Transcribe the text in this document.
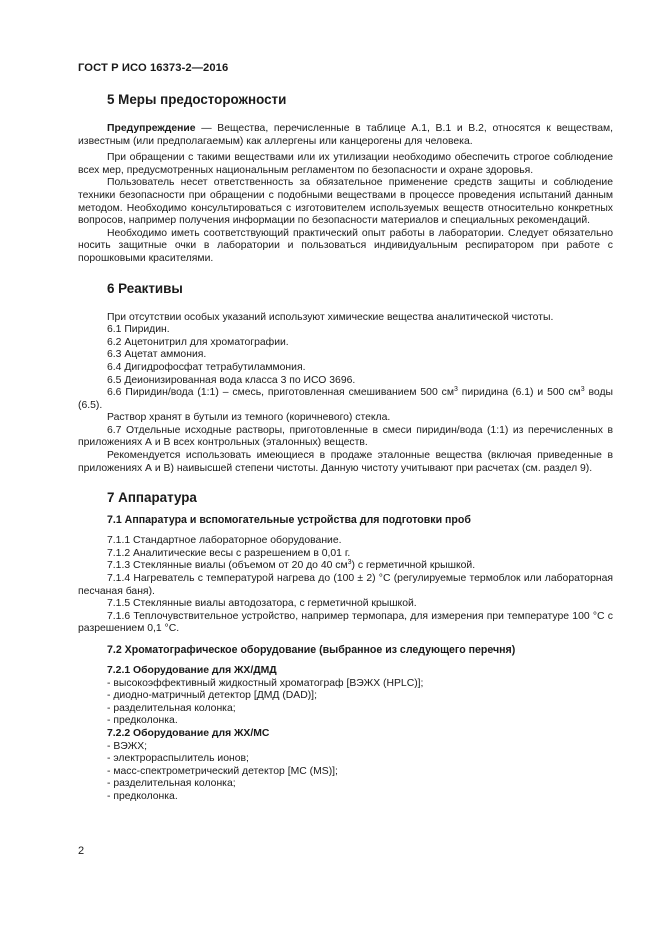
ГОСТ Р ИСО 16373-2—2016
5 Меры предосторожности

Предупреждение — Вещества, перечисленные в таблице А.1, В.1 и В.2, относятся к веществам, известным (или предполагаемым) как аллергены или канцерогены для человека.

При обращении с такими веществами или их утилизации необходимо обеспечить строгое соблюдение всех мер, предусмотренных национальным регламентом по безопасности и охране здоровья.

Пользователь несет ответственность за обязательное применение средств защиты и соблюдение техники безопасности при обращении с подобными веществами в процессе проведения испытаний данным методом. Необходимо консультироваться с изготовителем используемых веществ относительно конкретных вопросов, например получения информации по безопасности материалов и специальных рекомендаций.

Необходимо иметь соответствующий практический опыт работы в лаборатории. Следует обязательно носить защитные очки в лаборатории и пользоваться индивидуальным респиратором при работе с порошковыми красителями.

6 Реактивы

При отсутствии особых указаний используют химические вещества аналитической чистоты.

6.1 Пиридин.

6.2 Ацетонитрил для хроматографии.

6.3 Ацетат аммония.

6.4 Дигидрофосфат тетрабутиламмония.

6.5 Деионизированная вода класса 3 по ИСО 3696.

6.6 Пиридин/вода (1:1) – смесь, приготовленная смешиванием 500 $см^3$ пиридина (6.1) и 500 $см^3$ воды (6.5).

Раствор хранят в бутыли из темного (коричневого) стекла.

6.7 Отдельные исходные растворы, приготовленные в смеси пиридин/вода (1:1) из перечисленных в приложениях А и В всех контрольных (эталонных) веществ.

Рекомендуется использовать имеющиеся в продаже эталонные вещества (включая приведенные в приложениях А и В) наивысшей степени чистоты. Данную чистоту учитывают при расчетах (см. раздел 9).

7 Аппаратура
7.1 Аппаратура и вспомогательные устройства для подготовки проб

7.1.1 Стандартное лабораторное оборудование.

7.1.2 Аналитические весы с разрешением в 0,01 г.

7.1.3 Стеклянные виалы (объемом от 20 до 40 $см^3$) с герметичной крышкой.

7.1.4 Нагреватель с температурой нагрева до (100 ± 2) °С (регулируемые термоблок или лабораторная песчаная баня).

7.1.5 Стеклянные виалы автодозатора, с герметичной крышкой.

7.1.6 Теплочувствительное устройство, например термопара, для измерения при температуре 100 °С с разрешением 0,1 °С.

7.2 Хроматографическое оборудование (выбранное из следующего перечня)
7.2.1 Оборудование для ЖХ/ДМД

- высокоэффективный жидкостный хроматограф [ВЭЖХ (HPLC)];

- диодно-матричный детектор [ДМД (DAD)];

- разделительная колонка;

- предколонка.

7.2.2 Оборудование для ЖХ/МС

- ВЭЖХ;

- электрораспылитель ионов;

- масс-спектрометрический детектор [МС (MS)];

- разделительная колонка;

- предколонка.

2
